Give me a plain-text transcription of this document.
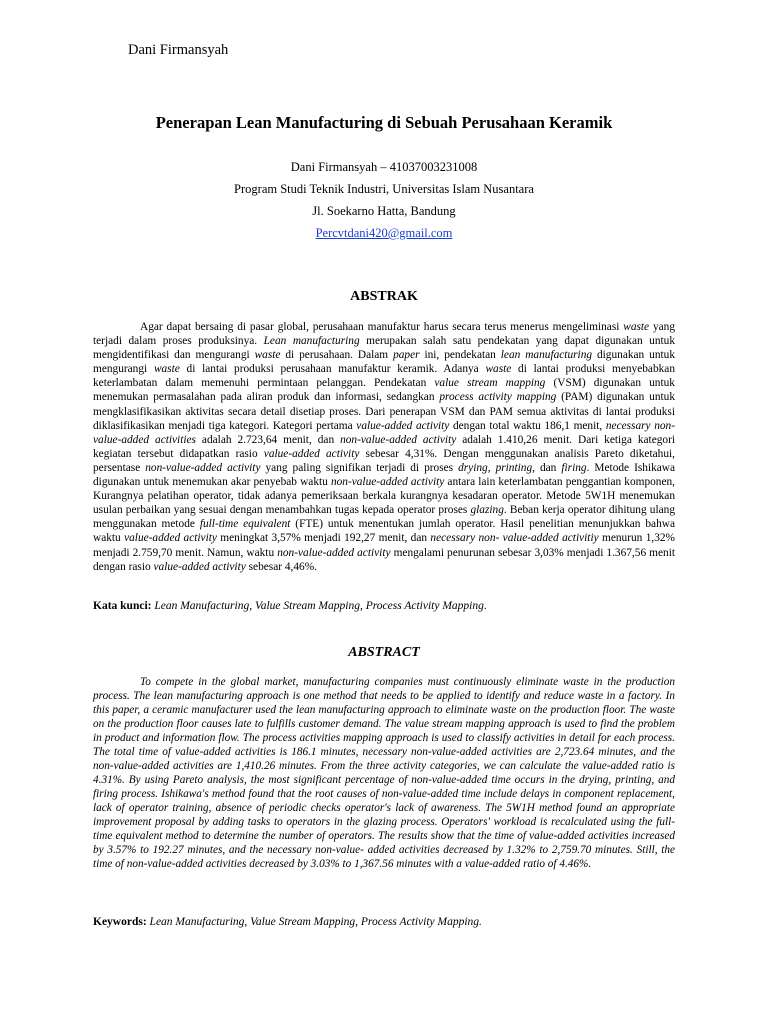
Dani Firmansyah
Penerapan Lean Manufacturing di Sebuah Perusahaan Keramik
Dani Firmansyah – 41037003231008
Program Studi Teknik Industri, Universitas Islam Nusantara
Jl. Soekarno Hatta, Bandung
Percvtdani420@gmail.com
ABSTRAK
Agar dapat bersaing di pasar global, perusahaan manufaktur harus secara terus menerus mengeliminasi waste yang terjadi dalam proses produksinya. Lean manufacturing merupakan salah satu pendekatan yang dapat digunakan untuk mengidentifikasi dan mengurangi waste di perusahaan. Dalam paper ini, pendekatan lean manufacturing digunakan untuk mengurangi waste di lantai produksi perusahaan manufaktur keramik. Adanya waste di lantai produksi menyebabkan keterlambatan dalam memenuhi permintaan pelanggan. Pendekatan value stream mapping (VSM) digunakan untuk menemukan permasalahan pada aliran produk dan informasi, sedangkan process activity mapping (PAM) digunakan untuk mengklasifikasikan aktivitas secara detail disetiap proses. Dari penerapan VSM dan PAM semua aktivitas di lantai produksi diklasifikasikan menjadi tiga kategori. Kategori pertama value-added activity dengan total waktu 186,1 menit, necessary non-value-added activities adalah 2.723,64 menit, dan non-value-added activity adalah 1.410,26 menit. Dari ketiga kategori kegiatan tersebut didapatkan rasio value-added activity sebesar 4,31%. Dengan menggunakan analisis Pareto diketahui, persentase non-value-added activity yang paling signifikan terjadi di proses drying, printing, dan firing. Metode Ishikawa digunakan untuk menemukan akar penyebab waktu non-value-added activity antara lain keterlambatan penggantian komponen, Kurangnya pelatihan operator, tidak adanya pemeriksaan berkala kurangnya kesadaran operator. Metode 5W1H menemukan usulan perbaikan yang sesuai dengan menambahkan tugas kepada operator proses glazing. Beban kerja operator dihitung ulang menggunakan metode full-time equivalent (FTE) untuk menentukan jumlah operator. Hasil penelitian menunjukkan bahwa waktu value-added activity meningkat 3,57% menjadi 192,27 menit, dan necessary non- value-added activitiy menurun 1,32% menjadi 2.759,70 menit. Namun, waktu non-value-added activity mengalami penurunan sebesar 3,03% menjadi 1.367,56 menit dengan rasio value-added activity sebesar 4,46%.
Kata kunci: Lean Manufacturing, Value Stream Mapping, Process Activity Mapping.
ABSTRACT
To compete in the global market, manufacturing companies must continuously eliminate waste in the production process. The lean manufacturing approach is one method that needs to be applied to identify and reduce waste in a factory. In this paper, a ceramic manufacturer used the lean manufacturing approach to eliminate waste on the production floor. The waste on the production floor causes late to fulfills customer demand. The value stream mapping approach is used to find the problem in product and information flow. The process activities mapping approach is used to classify activities in detail for each process. The total time of value-added activities is 186.1 minutes, necessary non-value-added activities are 2,723.64 minutes, and the non-value-added activities are 1,410.26 minutes. From the three activity categories, we can calculate the value-added ratio is 4.31%. By using Pareto analysis, the most significant percentage of non-value-added time occurs in the drying, printing, and firing process. Ishikawa's method found that the root causes of non-value-added time include delays in component replacement, lack of operator training, absence of periodic checks operator's lack of awareness. The 5W1H method found an appropriate improvement proposal by adding tasks to operators in the glazing process. Operators' workload is recalculated using the full-time equivalent method to determine the number of operators. The results show that the time of value-added activities increased by 3.57% to 192.27 minutes, and the necessary non-value- added activities decreased by 1.32% to 2,759.70 minutes. Still, the time of non-value-added activities decreased by 3.03% to 1,367.56 minutes with a value-added ratio of 4.46%.
Keywords: Lean Manufacturing, Value Stream Mapping, Process Activity Mapping.
